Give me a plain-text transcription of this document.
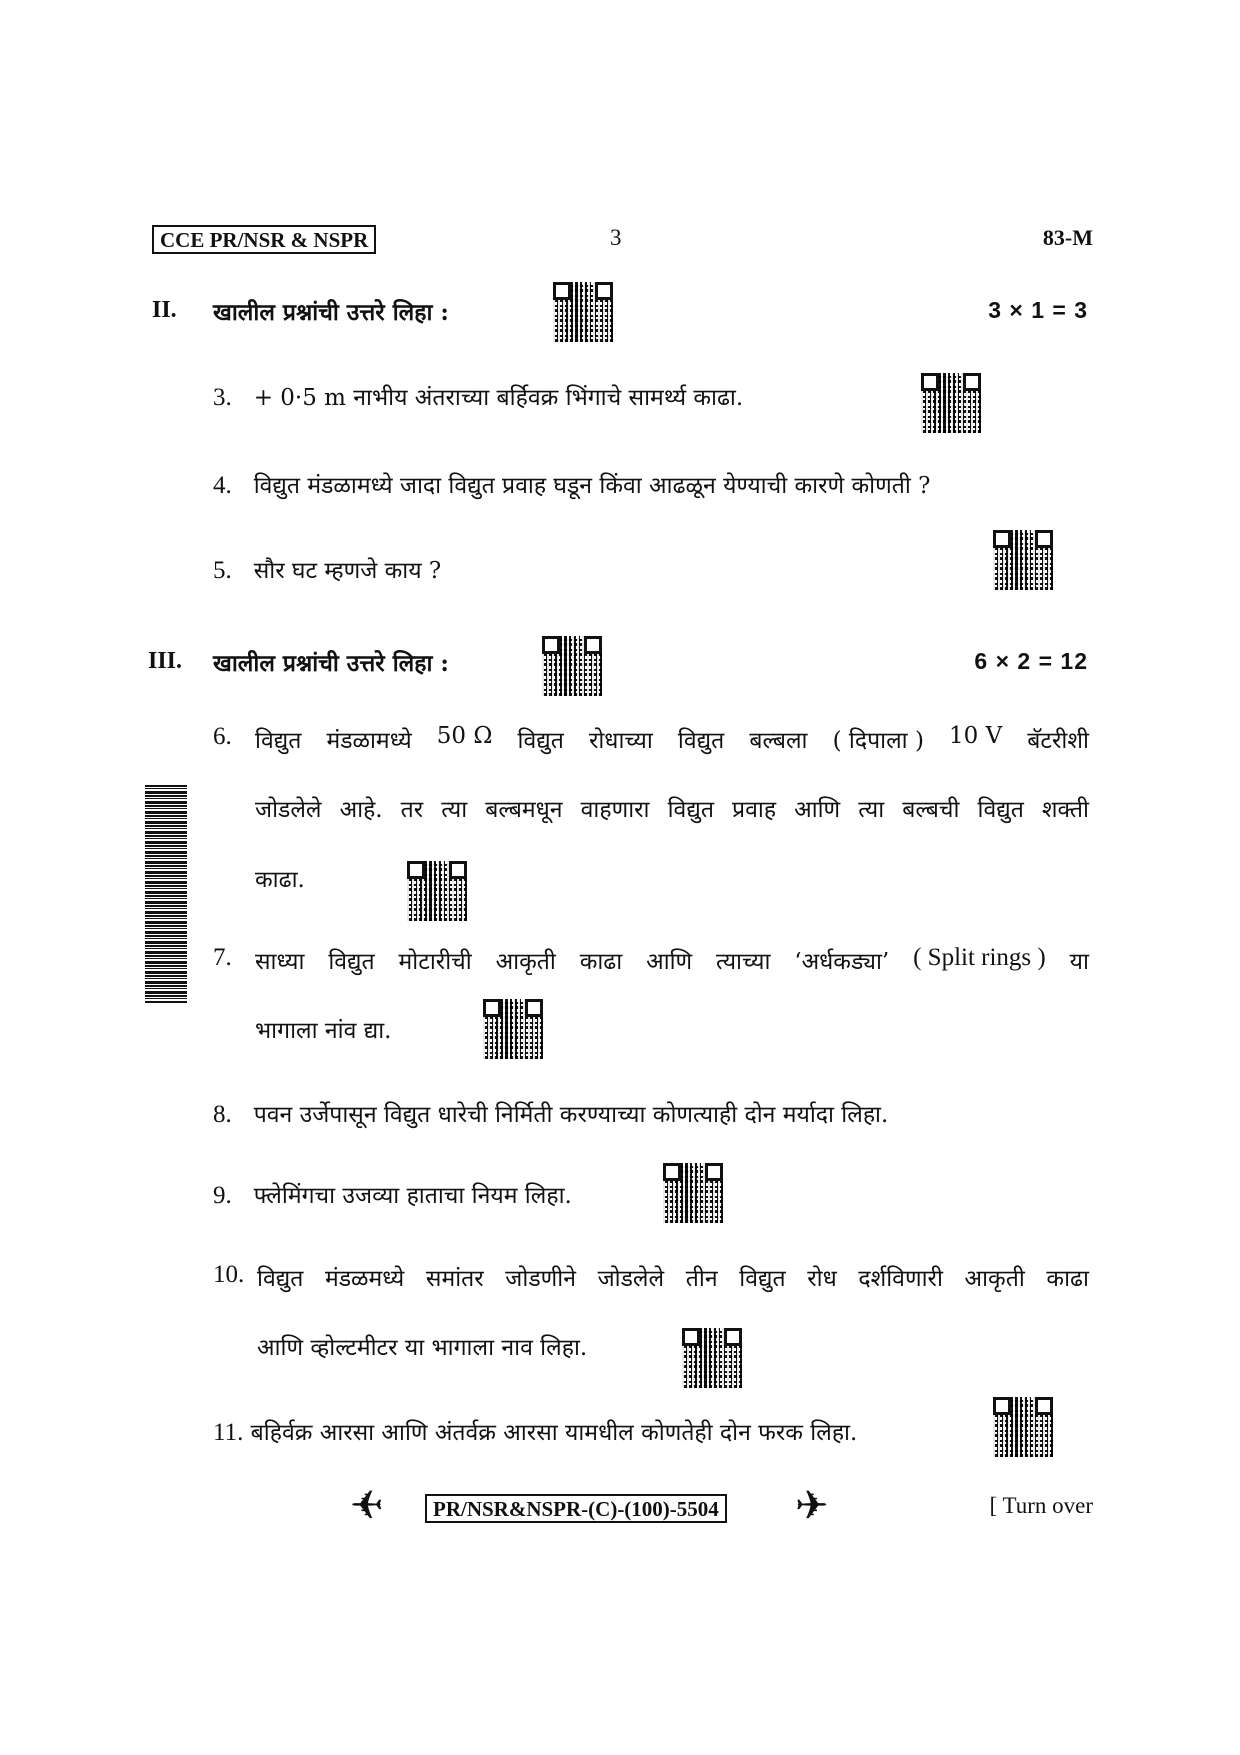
CCE PR/NSR & NSPR	3	83-M
II. खालील प्रश्नांची उत्तरे लिहा :	3 × 1 = 3
3. + 0·5 m नाभीय अंतराच्या बर्हिवक्र भिंगाचे सामर्थ्य काढा.
4. विद्युत मंडळामध्ये जादा विद्युत प्रवाह घडून किंवा आढळून येण्याची कारणे कोणती ?
5. सौर घट म्हणजे काय ?
III. खालील प्रश्नांची उत्तरे लिहा :	6 × 2 = 12
6. विद्युत मंडळामध्ये 50 Ω विद्युत रोधाच्या विद्युत बल्बला ( दिपाला ) 10 V बॅटरीशी
जोडलेले आहे. तर त्या बल्बमधून वाहणारा विद्युत प्रवाह आणि त्या बल्बची विद्युत शक्ती
काढा.
7. साध्या विद्युत मोटारीची आकृती काढा आणि त्याच्या ‘अर्धकड्या’ ( Split rings ) या
भागाला नांव द्या.
8. पवन उर्जेपासून विद्युत धारेची निर्मिती करण्याच्या कोणत्याही दोन मर्यादा लिहा.
9. फ्लेमिंगचा उजव्या हाताचा नियम लिहा.
10. विद्युत मंडळमध्ये समांतर जोडणीने जोडलेले तीन विद्युत रोध दर्शविणारी आकृती काढा
आणि व्होल्टमीटर या भागाला नाव लिहा.
11. बहिर्वक्र आरसा आणि अंतर्वक्र आरसा यामधील कोणतेही दोन फरक लिहा.
✈	PR/NSR&NSPR-(C)-(100)-5504 ✈	[ Turn over
